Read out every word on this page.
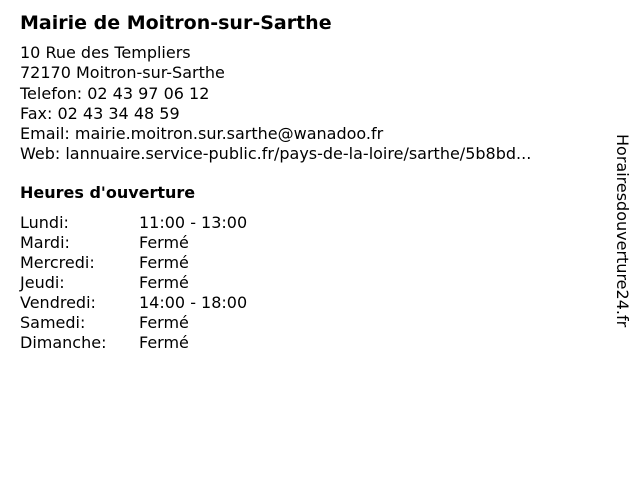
Mairie de Moitron-sur-Sarthe
10 Rue des Templiers
72170 Moitron-sur-Sarthe
Telefon: 02 43 97 06 12
Fax: 02 43 34 48 59
Email: mairie.moitron.sur.sarthe@wanadoo.fr
Web: lannuaire.service-public.fr/pays-de-la-loire/sarthe/5b8bd...
Heures d'ouverture
Lundi:	11:00 - 13:00
Mardi:	Fermé
Mercredi:	Fermé
Jeudi:	Fermé
Vendredi:	14:00 - 18:00
Samedi:	Fermé
Dimanche: Fermé
Horairesdouverture24.fr
